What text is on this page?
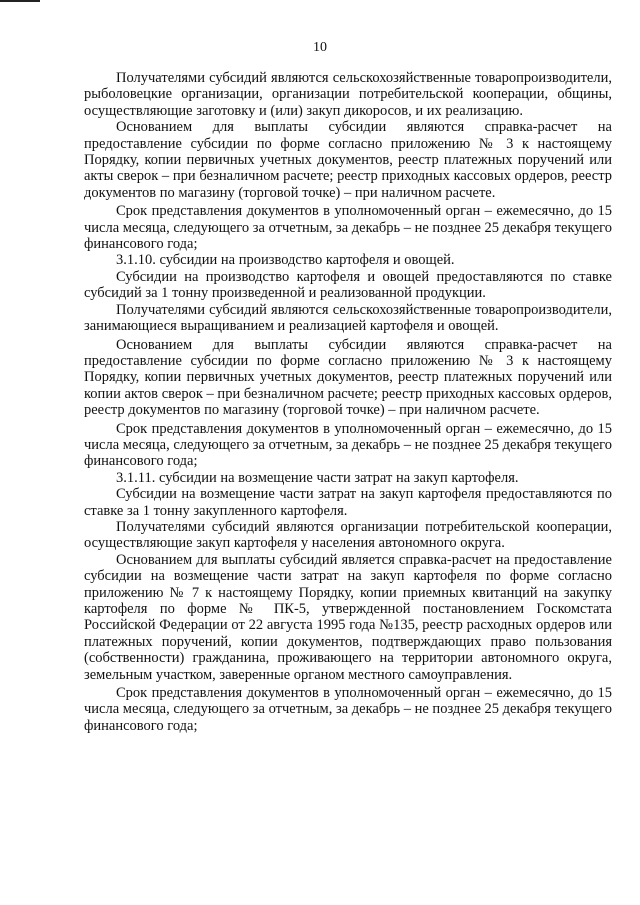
10

Получателями субсидий являются сельскохозяйственные товаропроизводители, рыболовецкие организации, организации потребительской кооперации, общины, осуществляющие заготовку и (или) закуп дикоросов, и их реализацию.

Основанием для выплаты субсидии являются справка-расчет на предоставление субсидии по форме согласно приложению № 3 к настоящему Порядку, копии первичных учетных документов, реестр платежных поручений или акты сверок – при безналичном расчете; реестр приходных кассовых ордеров, реестр документов по магазину (торговой точке) – при наличном расчете.

Срок представления документов в уполномоченный орган – ежемесячно, до 15 числа месяца, следующего за отчетным, за декабрь – не позднее 25 декабря текущего финансового года;

3.1.10. субсидии на производство картофеля и овощей.

Субсидии на производство картофеля и овощей предоставляются по ставке субсидий за 1 тонну произведенной и реализованной продукции.

Получателями субсидий являются сельскохозяйственные товаропроизводители, занимающиеся выращиванием и реализацией картофеля и овощей.

Основанием для выплаты субсидии являются справка-расчет на предоставление субсидии по форме согласно приложению № 3 к настоящему Порядку, копии первичных учетных документов, реестр платежных поручений или копии актов сверок – при безналичном расчете; реестр приходных кассовых ордеров, реестр документов по магазину (торговой точке) – при наличном расчете.

Срок представления документов в уполномоченный орган – ежемесячно, до 15 числа месяца, следующего за отчетным, за декабрь – не позднее 25 декабря текущего финансового года;

3.1.11. субсидии на возмещение части затрат на закуп картофеля.

Субсидии на возмещение части затрат на закуп картофеля предоставляются по ставке за 1 тонну закупленного картофеля.

Получателями субсидий являются организации потребительской кооперации, осуществляющие закуп картофеля у населения автономного округа.

Основанием для выплаты субсидий является справка-расчет на предоставление субсидии на возмещение части затрат на закуп картофеля по форме согласно приложению № 7 к настоящему Порядку, копии приемных квитанций на закупку картофеля по форме № ПК-5, утвержденной постановлением Госкомстата Российской Федерации от 22 августа 1995 года №135, реестр расходных ордеров или платежных поручений, копии документов, подтверждающих право пользования (собственности) гражданина, проживающего на территории автономного округа, земельным участком, заверенные органом местного самоуправления.

Срок представления документов в уполномоченный орган – ежемесячно, до 15 числа месяца, следующего за отчетным, за декабрь – не позднее 25 декабря текущего финансового года;
